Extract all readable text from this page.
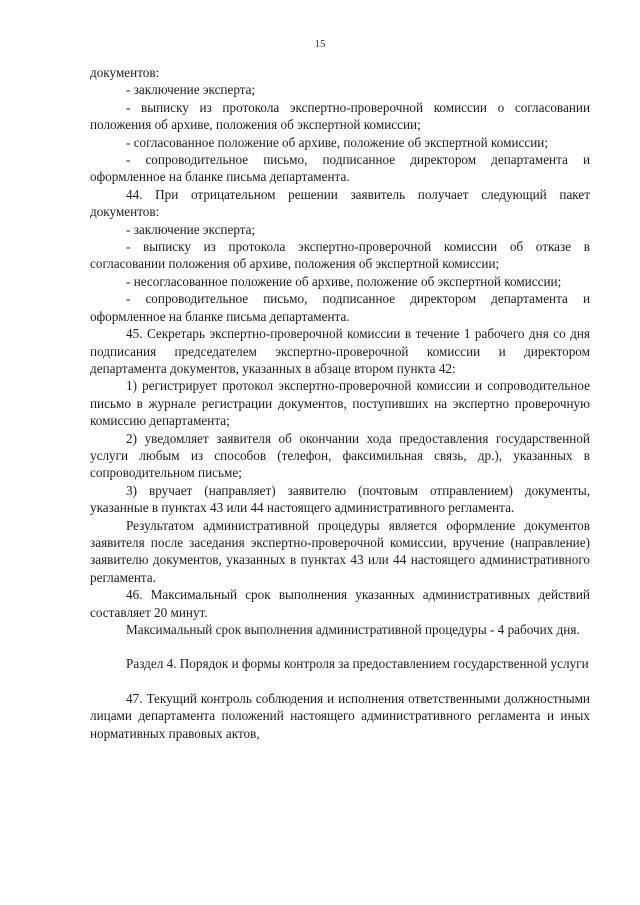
15

документов:

- заключение эксперта;

- выписку из протокола экспертно-проверочной комиссии о согласовании положения об архиве, положения об экспертной комиссии;

- согласованное положение об архиве, положение об экспертной комиссии;

- сопроводительное письмо, подписанное директором департамента и оформленное на бланке письма департамента.

44. При отрицательном решении заявитель получает следующий пакет документов:

- заключение эксперта;

- выписку из протокола экспертно-проверочной комиссии об отказе в согласовании положения об архиве, положения об экспертной комиссии;

- несогласованное положение об архиве, положение об экспертной комиссии;

- сопроводительное письмо, подписанное директором департамента и оформленное на бланке письма департамента.

45. Секретарь экспертно-проверочной комиссии в течение 1 рабочего дня со дня подписания председателем экспертно-проверочной комиссии и директором департамента документов, указанных в абзаце втором пункта 42:

1) регистрирует протокол экспертно-проверочной комиссии и сопроводительное письмо в журнале регистрации документов, поступивших на экспертно проверочную комиссию департамента;

2) уведомляет заявителя об окончании хода предоставления государственной услуги любым из способов (телефон, факсимильная связь, др.), указанных в сопроводительном письме;

3) вручает (направляет) заявителю (почтовым отправлением) документы, указанные в пунктах 43 или 44 настоящего административного регламента.

Результатом административной процедуры является оформление документов заявителя после заседания экспертно-проверочной комиссии, вручение (направление) заявителю документов, указанных в пунктах 43 или 44 настоящего административного регламента.

46. Максимальный срок выполнения указанных административных действий составляет 20 минут.

Максимальный срок выполнения административной процедуры - 4 рабочих дня.

Раздел 4. Порядок и формы контроля за предоставлением государственной услуги

47. Текущий контроль соблюдения и исполнения ответственными должностными лицами департамента положений настоящего административного регламента и иных нормативных правовых актов,
